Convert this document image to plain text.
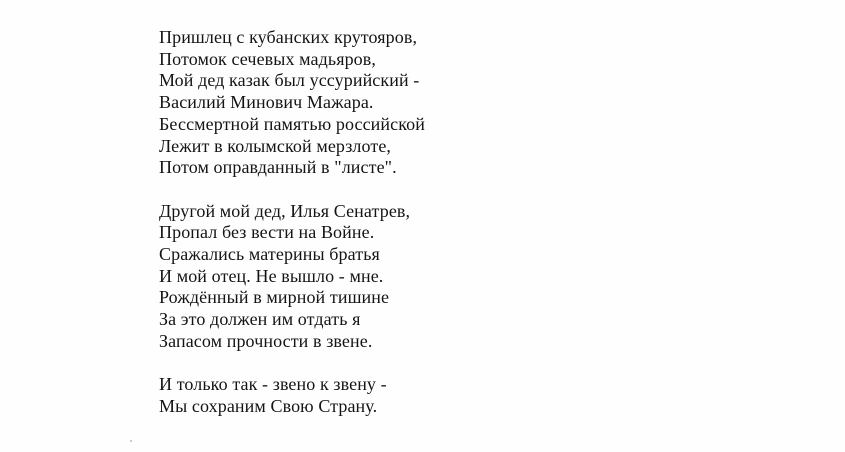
Пришлец с кубанских крутояров,
Потомок сечевых мадьяров,
Мой дед казак был уссурийский -
Василий Минович Мажара.
Бессмертной памятью российской
Лежит в колымской мерзлоте,
Потом оправданный в "листе".

Другой мой дед, Илья Сенатрев,
Пропал без вести на Войне.
Сражались материны братья
И мой отец. Не вышло - мне.
Рождённый в мирной тишине
За это должен им отдать я
Запасом прочности в звене.

И только так - звено к звену -
Мы сохраним Свою Страну.
